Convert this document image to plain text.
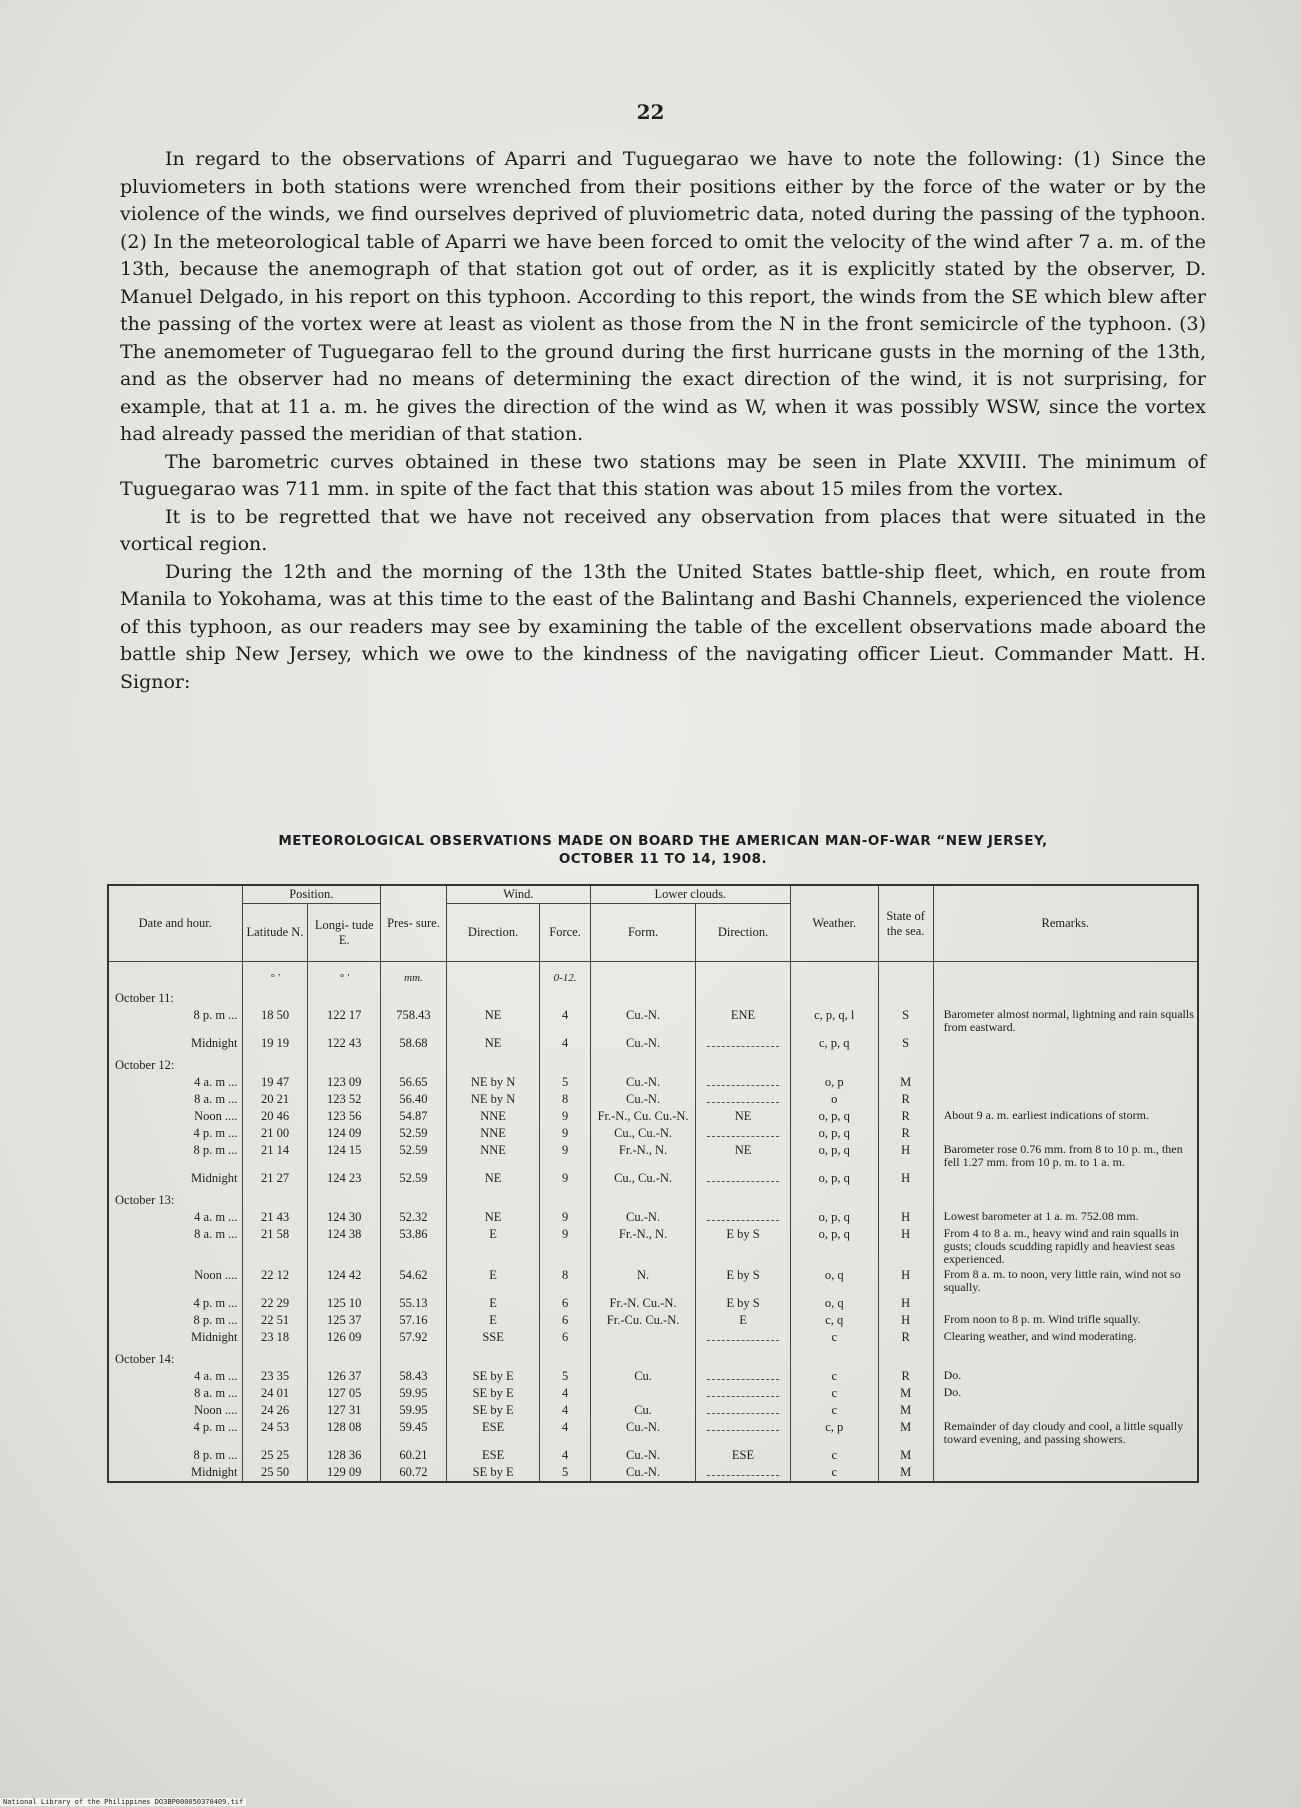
22

In regard to the observations of Aparri and Tuguegarao we have to note the following: (1) Since the pluviometers in both stations were wrenched from their positions either by the force of the water or by the violence of the winds, we find ourselves deprived of pluviometric data, noted during the passing of the typhoon. (2) In the meteorological table of Aparri we have been forced to omit the velocity of the wind after 7 a. m. of the 13th, because the anemograph of that station got out of order, as it is explicitly stated by the observer, D. Manuel Delgado, in his report on this typhoon. According to this report, the winds from the SE which blew after the passing of the vortex were at least as violent as those from the N in the front semicircle of the typhoon. (3) The anemometer of Tuguegarao fell to the ground during the first hurricane gusts in the morning of the 13th, and as the observer had no means of determining the exact direction of the wind, it is not surprising, for example, that at 11 a. m. he gives the direction of the wind as W, when it was possibly WSW, since the vortex had already passed the meridian of that station.

The barometric curves obtained in these two stations may be seen in Plate XXVIII. The minimum of Tuguegarao was 711 mm. in spite of the fact that this station was about 15 miles from the vortex.

It is to be regretted that we have not received any observation from places that were situated in the vortical region.

During the 12th and the morning of the 13th the United States battle-ship fleet, which, en route from Manila to Yokohama, was at this time to the east of the Balintang and Bashi Channels, experienced the violence of this typhoon, as our readers may see by examining the table of the excellent observations made aboard the battle ship New Jersey, which we owe to the kindness of the navigating officer Lieut. Commander Matt. H. Signor:

METEOROLOGICAL OBSERVATIONS MADE ON BOARD THE AMERICAN MAN-OF-WAR “NEW JERSEY,
OCTOBER 11 TO 14, 1908.
Date and hour.	Position.		Pres- sure.	Wind.		Lower clouds.		Weather.	State of the sea.	Remarks.
	Latitude N.	Longi- tude E.		Direction.	Force.	Form.	Direction.			
	° ′	° ′	mm.		0-12.					
October 11:										
8 p. m ...	18 50	122 17	758.43	NE	4	Cu.-N.	ENE	c, p, q, l	S	Barometer almost normal, lightning and rain squalls from eastward.
Midnight	19 19	122 43	58.68	NE	4	Cu.-N.		c, p, q	S	
October 12:										
4 a. m ...	19 47	123 09	56.65	NE by N	5	Cu.-N.		o, p	M	
8 a. m ...	20 21	123 52	56.40	NE by N	8	Cu.-N.		o	R	
Noon ....	20 46	123 56	54.87	NNE	9	Fr.-N., Cu. Cu.-N.	NE	o, p, q	R	About 9 a. m. earliest indications of storm.
4 p. m ...	21 00	124 09	52.59	NNE	9	Cu., Cu.-N.		o, p, q	R	
8 p. m ...	21 14	124 15	52.59	NNE	9	Fr.-N., N.	NE	o, p, q	H	Barometer rose 0.76 mm. from 8 to 10 p. m., then fell 1.27 mm. from 10 p. m. to 1 a. m.
Midnight	21 27	124 23	52.59	NE	9	Cu., Cu.-N.		o, p, q	H	
October 13:										
4 a. m ...	21 43	124 30	52.32	NE	9	Cu.-N.		o, p, q	H	Lowest barometer at 1 a. m. 752.08 mm.
8 a. m ...	21 58	124 38	53.86	E	9	Fr.-N., N.	E by S	o, p, q	H	From 4 to 8 a. m., heavy wind and rain squalls in gusts; clouds scudding rapidly and heaviest seas experienced.
Noon ....	22 12	124 42	54.62	E	8	N.	E by S	o, q	H	From 8 a. m. to noon, very little rain, wind not so squally.
4 p. m ...	22 29	125 10	55.13	E	6	Fr.-N. Cu.-N.	E by S	o, q	H	
8 p. m ...	22 51	125 37	57.16	E	6	Fr.-Cu. Cu.-N.	E	c, q	H	From noon to 8 p. m. Wind trifle squally.
Midnight	23 18	126 09	57.92	SSE	6			c	R	Clearing weather, and wind moderating.
October 14:										
4 a. m ...	23 35	126 37	58.43	SE by E	5	Cu.		c	R	Do.
8 a. m ...	24 01	127 05	59.95	SE by E	4			c	M	Do.
Noon ....	24 26	127 31	59.95	SE by E	4	Cu.		c	M	
4 p. m ...	24 53	128 08	59.45	ESE	4	Cu.-N.		c, p	M	Remainder of day cloudy and cool, a little squally toward evening, and passing showers.
8 p. m ...	25 25	128 36	60.21	ESE	4	Cu.-N.	ESE	c	M	
Midnight	25 50	129 09	60.72	SE by E	5	Cu.-N.		c	M	
National Library of the Philippines DO3BP000050370409.tif
